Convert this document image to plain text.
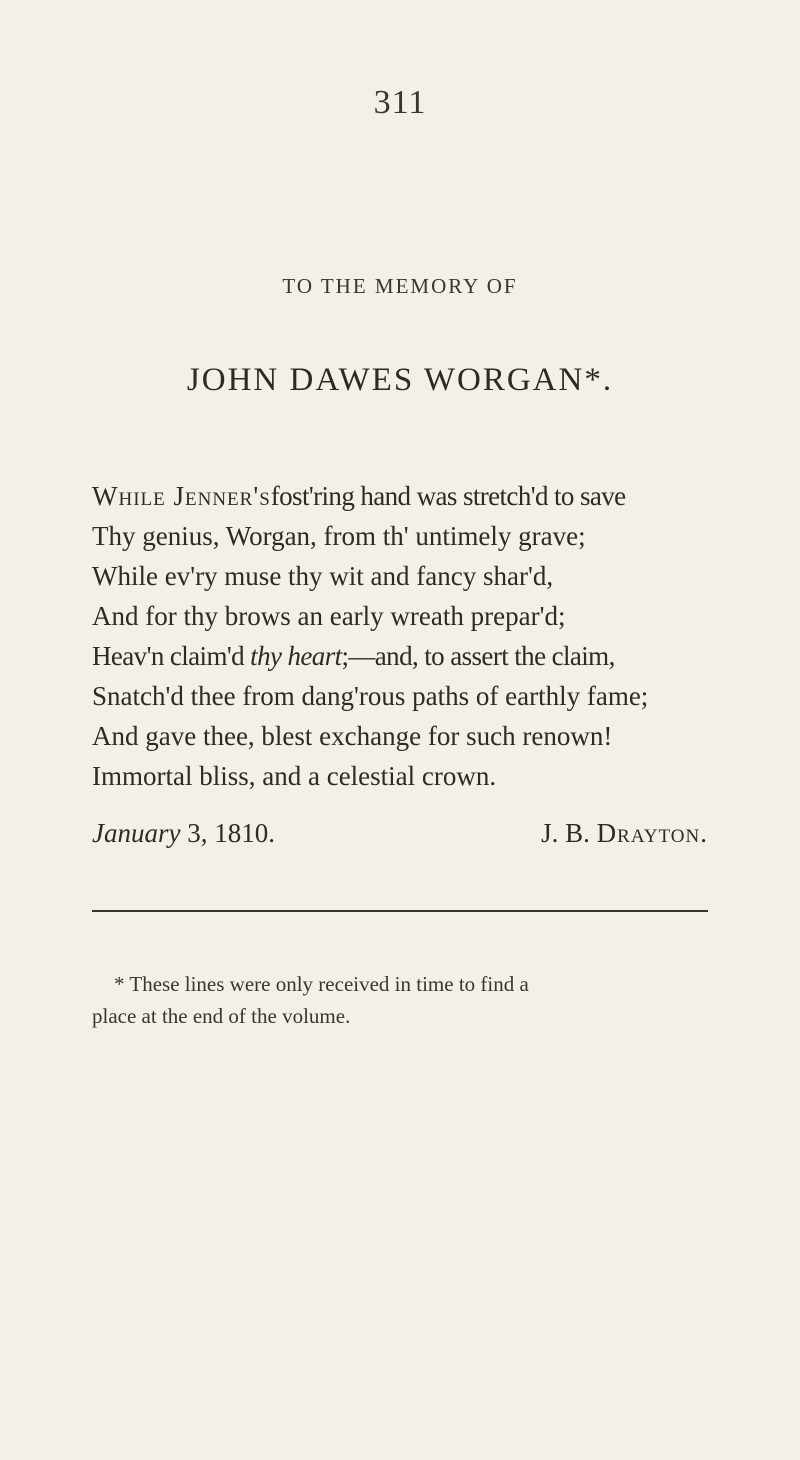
311
TO THE MEMORY OF
JOHN DAWES WORGAN*.
While Jenner'sfost'ring hand was stretch'd to save
Thy genius, Worgan, from th' untimely grave;
While ev'ry muse thy wit and fancy shar'd,
And for thy brows an early wreath prepar'd;
Heav'n claim'd thy heart;—and, to assert the claim,
Snatch'd thee from dang'rous paths of earthly fame;
And gave thee, blest exchange for such renown!
Immortal bliss, and a celestial crown.
January 3, 1810.	J. B. Drayton.
* These lines were only received in time to find a
place at the end of the volume.
